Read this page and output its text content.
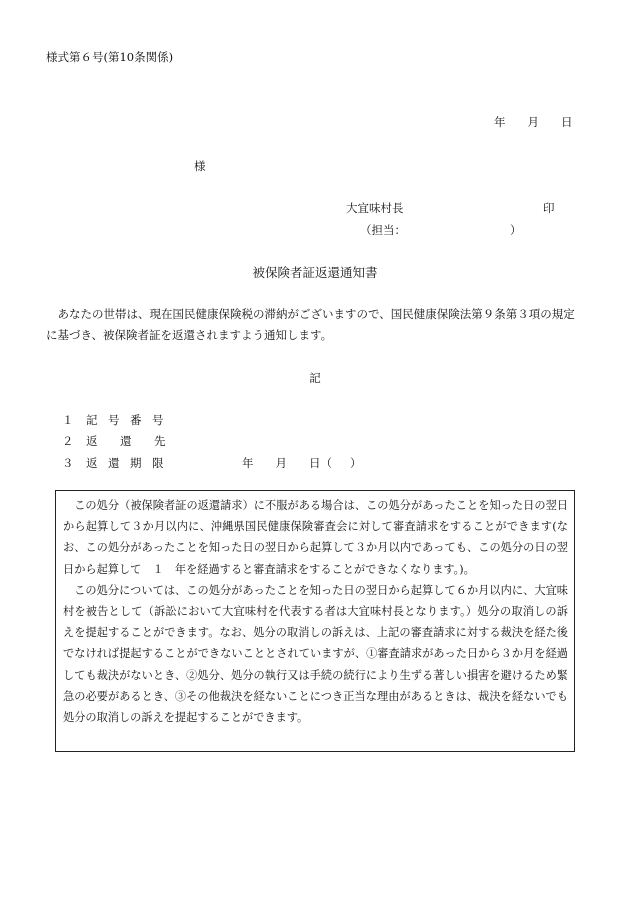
様式第６号(第10条関係)
年 月 日
様
大宜味村長	印
（担当：	）
被保険者証返還通知書
あなたの世帯は、現在国民健康保険税の滞納がございますので、国民健康保険法第９条第３項の規定に基づき、被保険者証を返還されますよう通知します。
記
１ 記 号 番 号
２ 返 還 先
３ 返 還 期 限	年 月 日（ ）

この処分（被保険者証の返還請求）に不服がある場合は、この処分があったことを知った日の翌日から起算して３か月以内に、沖縄県国民健康保険審査会に対して審査請求をすることができます(なお、この処分があったことを知った日の翌日から起算して３か月以内であっても、この処分の日の翌日から起算して　１　年を経過すると審査請求をすることができなくなります。)。

この処分については、この処分があったことを知った日の翌日から起算して６か月以内に、大宜味村を被告として（訴訟において大宜味村を代表する者は大宜味村長となります。）処分の取消しの訴えを提起することができます。なお、処分の取消しの訴えは、上記の審査請求に対する裁決を経た後でなければ提起することができないこととされていますが、①審査請求があった日から３か月を経過しても裁決がないとき、②処分、処分の執行又は手続の続行により生ずる著しい損害を避けるため緊急の必要があるとき、③その他裁決を経ないことにつき正当な理由があるときは、裁決を経ないでも処分の取消しの訴えを提起することができます。
